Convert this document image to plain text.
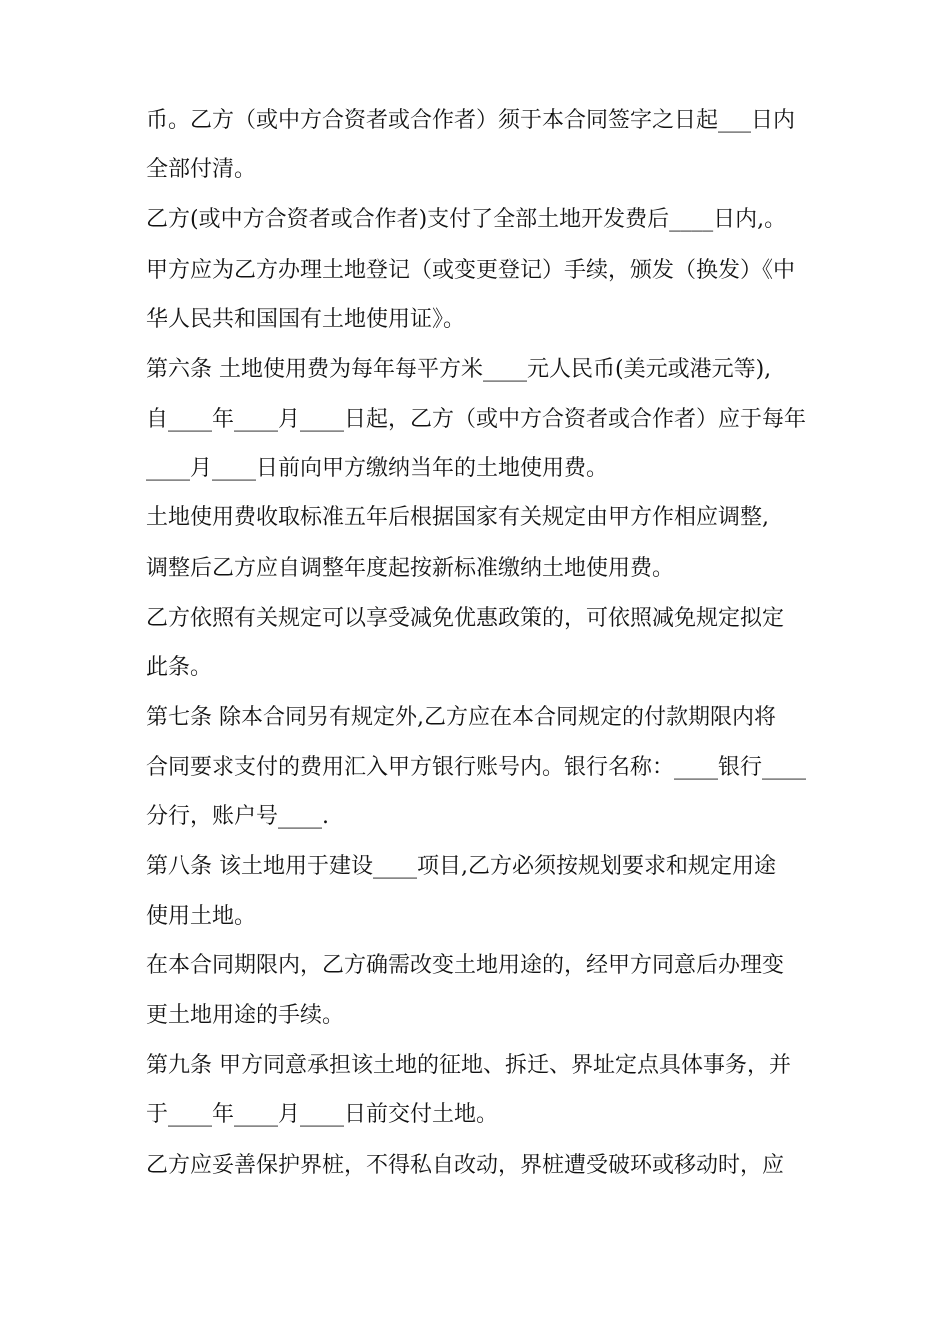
币。乙方（或中方合资者或合作者）须于本合同签字之日起___日内
全部付清。
乙方(或中方合资者或合作者)支付了全部土地开发费后____日内,。
甲方应为乙方办理土地登记（或变更登记）手续，颁发（换发）《中
华人民共和国国有土地使用证》。
第六条 土地使用费为每年每平方米____元人民币(美元或港元等),
自____年____月____日起，乙方（或中方合资者或合作者）应于每年
____月____日前向甲方缴纳当年的土地使用费。
土地使用费收取标准五年后根据国家有关规定由甲方作相应调整,
调整后乙方应自调整年度起按新标准缴纳土地使用费。
乙方依照有关规定可以享受减免优惠政策的，可依照减免规定拟定
此条。
第七条 除本合同另有规定外,乙方应在本合同规定的付款期限内将
合同要求支付的费用汇入甲方银行账号内。银行名称：____银行____
分行，账户号____.
第八条 该土地用于建设____项目,乙方必须按规划要求和规定用途
使用土地。
在本合同期限内，乙方确需改变土地用途的，经甲方同意后办理变
更土地用途的手续。
第九条 甲方同意承担该土地的征地、拆迁、界址定点具体事务，并
于____年____月____日前交付土地。
乙方应妥善保护界桩，不得私自改动，界桩遭受破环或移动时，应
